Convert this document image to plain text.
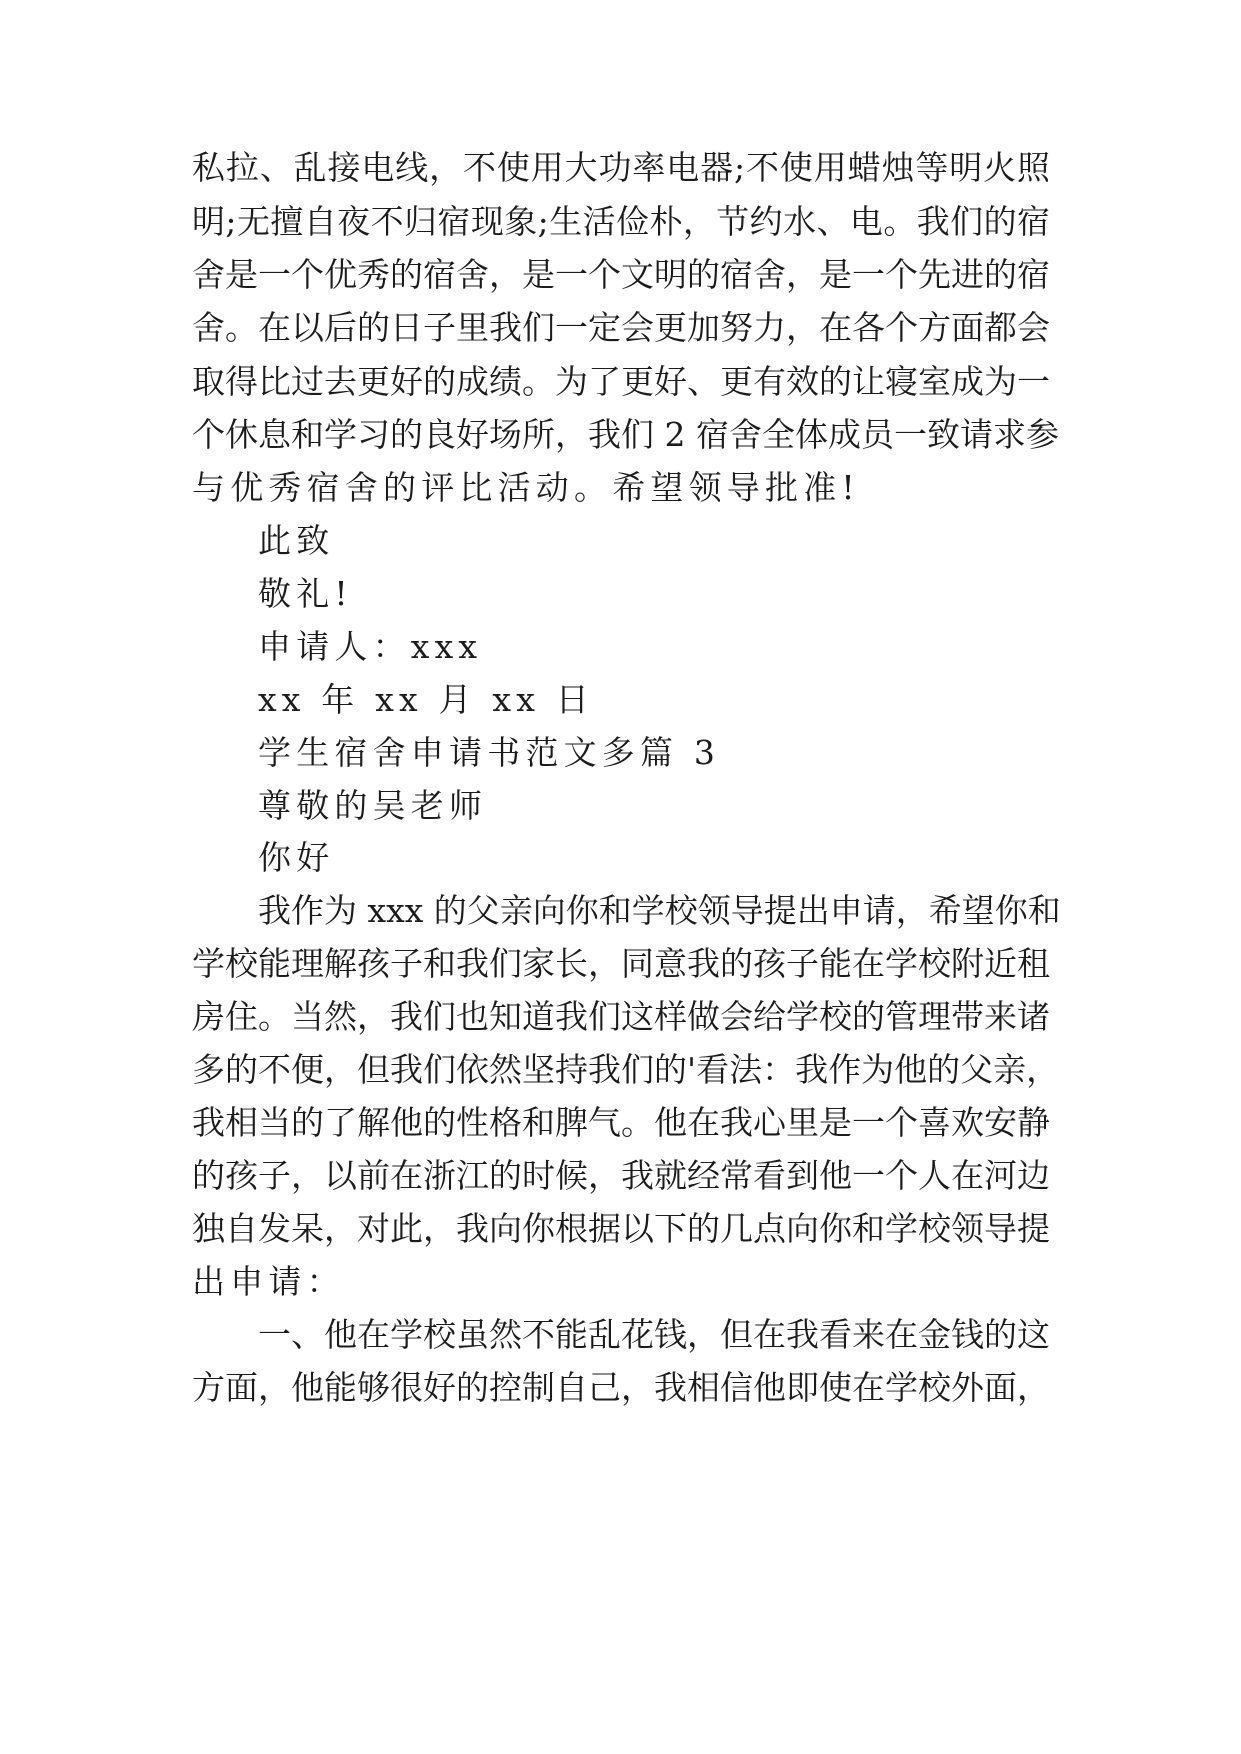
私拉、乱接电线，不使用大功率电器;不使用蜡烛等明火照
明;无擅自夜不归宿现象;生活俭朴，节约水、电。我们的宿
舍是一个优秀的宿舍，是一个文明的宿舍，是一个先进的宿
舍。在以后的日子里我们一定会更加努力，在各个方面都会
取得比过去更好的成绩。为了更好、更有效的让寝室成为一
个休息和学习的良好场所，我们 2 宿舍全体成员一致请求参
与优秀宿舍的评比活动。希望领导批准!
此致
敬礼!
申请人：xxx
xx 年 xx 月 xx 日
学生宿舍申请书范文多篇 3
尊敬的吴老师
你好
我作为 xxx 的父亲向你和学校领导提出申请，希望你和
学校能理解孩子和我们家长，同意我的孩子能在学校附近租
房住。当然，我们也知道我们这样做会给学校的管理带来诸
多的不便，但我们依然坚持我们的'看法：我作为他的父亲，
我相当的了解他的性格和脾气。他在我心里是一个喜欢安静
的孩子，以前在浙江的时候，我就经常看到他一个人在河边
独自发呆，对此，我向你根据以下的几点向你和学校领导提
出申请：
一、他在学校虽然不能乱花钱，但在我看来在金钱的这
方面，他能够很好的控制自己，我相信他即使在学校外面，
